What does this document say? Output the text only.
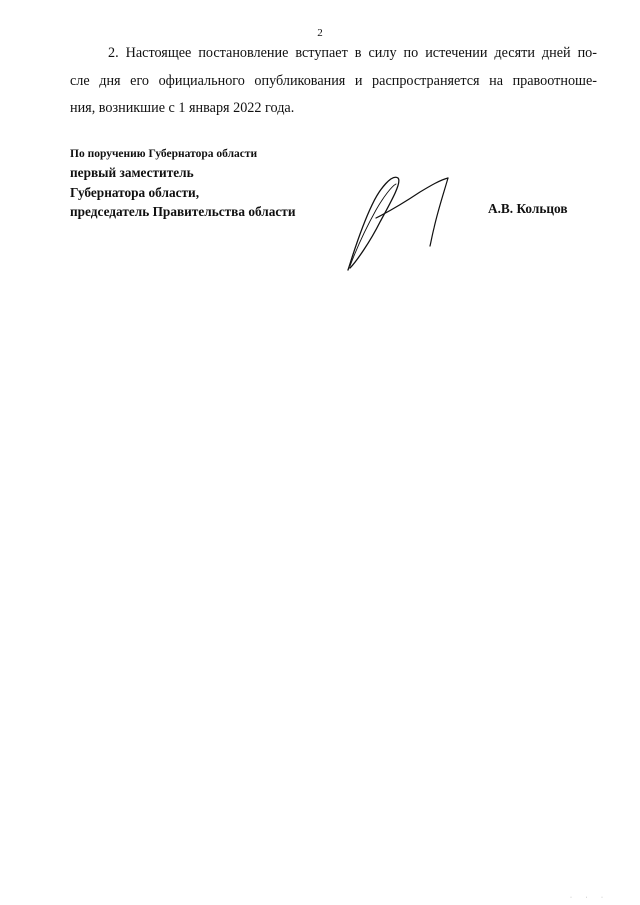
2
2. Настоящее постановление вступает в силу по истечении десяти дней по-
сле дня его официального опубликования и распространяется на правоотноше-
ния, возникшие с 1 января 2022 года.
По поручению Губернатора области
первый заместитель
Губернатора области,
председатель Правительства области	А.В. Кольцов
· · ·
